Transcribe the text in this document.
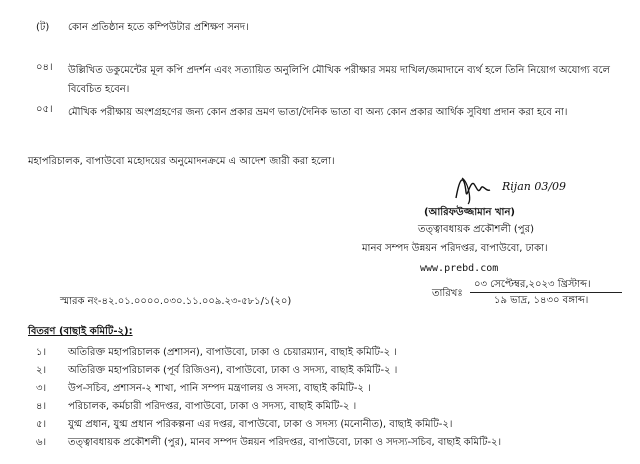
(ট) কোন প্রতিষ্ঠান হতে কম্পিউটার প্রশিক্ষণ সনদ।
০৪। উল্লিখিত ডকুমেন্টের মূল কপি প্রদর্শন এবং সত্যায়িত অনুলিপি মৌখিক পরীক্ষার সময় দাখিল/জমাদানে ব্যর্থ হলে তিনি নিয়োগ অযোগ্য বলে বিবেচিত হবেন।
০৫। মৌখিক পরীক্ষায় অংশগ্রহণের জন্য কোন প্রকার ভ্রমণ ভাতা/দৈনিক ভাতা বা অন্য কোন প্রকার আর্থিক সুবিধা প্রদান করা হবে না।
মহাপরিচালক, বাপাউবো মহোদয়ের অনুমোদনক্রমে এ আদেশ জারী করা হলো।
Rijan 03/09
(আরিফউজ্জামান খান)
তত্ত্বাবধায়ক প্রকৌশলী (পুর)
মানব সম্পদ উন্নয়ন পরিদপ্তর, বাপাউবো, ঢাকা।
www.prebd.com
স্মারক নং-৪২.০১.০০০০.০৩০.১১.০০৯.২৩-৫৮১/১(২০)
তারিখঃ
০৩ সেপ্টেম্বর,২০২৩ খ্রিস্টাব্দ।
১৯ ভাদ্র, ১৪৩০ বঙ্গাব্দ।
বিতরণ (বাছাই কমিটি-২):
১। অতিরিক্ত মহাপরিচালক (প্রশাসন), বাপাউবো, ঢাকা ও চেয়ারম্যান, বাছাই কমিটি-২ ।
২। অতিরিক্ত মহাপরিচালক (পূর্ব রিজিওন), বাপাউবো, ঢাকা ও সদস্য, বাছাই কমিটি-২ ।
৩। উপ-সচিব, প্রশাসন-২ শাখা, পানি সম্পদ মন্ত্রণালয় ও সদস্য, বাছাই কমিটি-২ ।
৪। পরিচালক, কর্মচারী পরিদপ্তর, বাপাউবো, ঢাকা ও সদস্য, বাছাই কমিটি-২ ।
৫। যুগ্ম প্রধান, যুগ্ম প্রধান পরিকল্পনা এর দপ্তর, বাপাউবো, ঢাকা ও সদস্য (মনোনীত), বাছাই কমিটি-২।
৬। তত্ত্বাবধায়ক প্রকৌশলী (পুর), মানব সম্পদ উন্নয়ন পরিদপ্তর, বাপাউবো, ঢাকা ও সদস্য-সচিব, বাছাই কমিটি-২।
